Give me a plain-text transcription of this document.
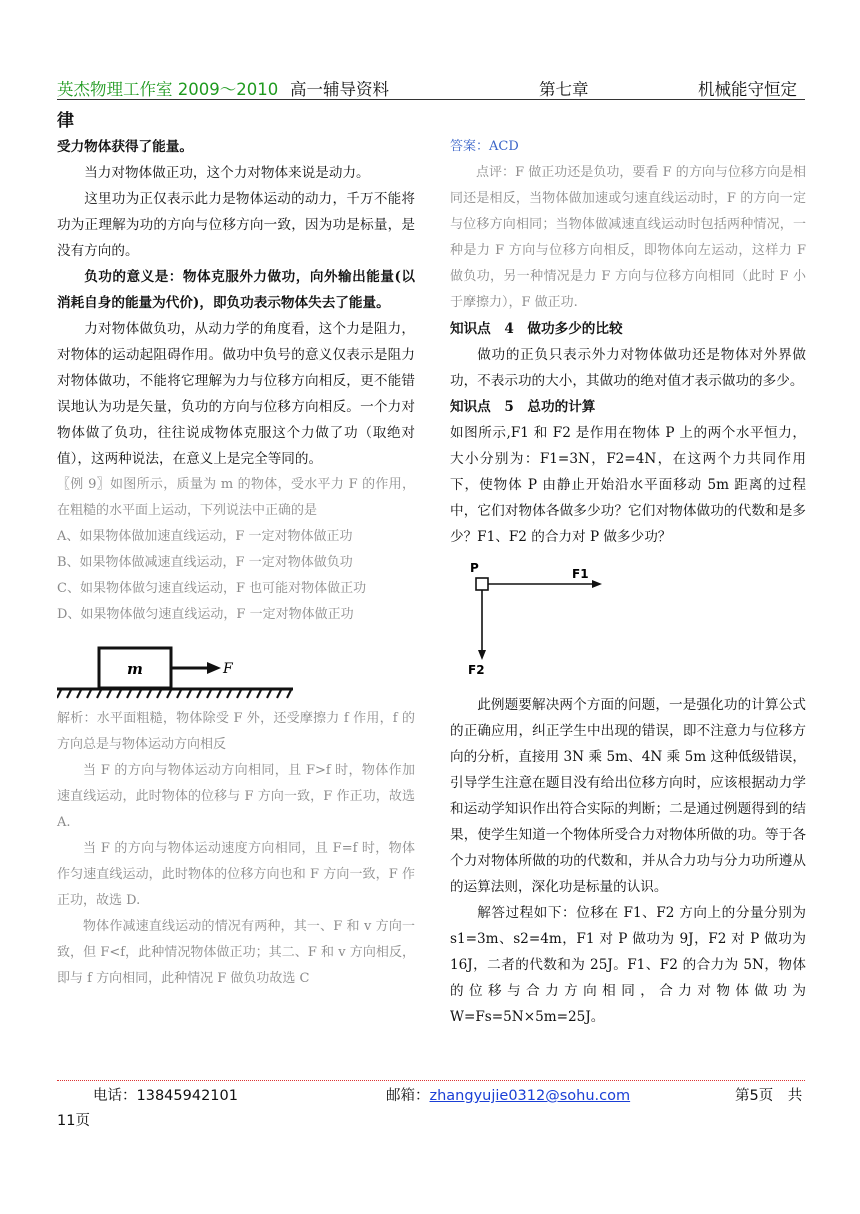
英杰物理工作室 2009～2010 高一辅导资料	第七章	机械能守恒定
律

受力物体获得了能量。

当力对物体做正功，这个力对物体来说是动力。

这里功为正仅表示此力是物体运动的动力，千万不能将功为正理解为功的方向与位移方向一致，因为功是标量，是没有方向的。

负功的意义是：物体克服外力做功，向外输出能量(以消耗自身的能量为代价)，即负功表示物体失去了能量。

力对物体做负功，从动力学的角度看，这个力是阻力，对物体的运动起阻碍作用。做功中负号的意义仅表示是阻力对物体做功，不能将它理解为力与位移方向相反，更不能错误地认为功是矢量，负功的方向与位移方向相反。一个力对物体做了负功，往往说成物体克服这个力做了功（取绝对值），这两种说法，在意义上是完全等同的。

〖例 9〗如图所示，质量为 m 的物体，受水平力 F 的作用，在粗糙的水平面上运动，下列说法中正确的是

A、如果物体做加速直线运动，F 一定对物体做正功

B、如果物体做减速直线运动，F 一定对物体做负功

C、如果物体做匀速直线运动，F 也可能对物体做正功

D、如果物体做匀速直线运动，F 一定对物体做正功

m	F

解析：水平面粗糙，物体除受 F 外，还受摩擦力 f 作用，f 的方向总是与物体运动方向相反

当 F 的方向与物体运动方向相同，且 F>f 时，物体作加速直线运动，此时物体的位移与 F 方向一致，F 作正功，故选 A.

当 F 的方向与物体运动速度方向相同，且 F=f 时，物体作匀速直线运动，此时物体的位移方向也和 F 方向一致，F 作正功，故选 D.

物体作减速直线运动的情况有两种，其一、F 和 v 方向一致，但 F<f，此种情况物体做正功；其二、F 和 v 方向相反，即与 f 方向相同，此种情况 F 做负功故选 C

答案：ACD

点评：F 做正功还是负功，要看 F 的方向与位移方向是相同还是相反，当物体做加速或匀速直线运动时，F 的方向一定与位移方向相同；当物体做减速直线运动时包括两种情况，一种是力 F 方向与位移方向相反，即物体向左运动，这样力 F 做负功，另一种情况是力 F 方向与位移方向相同（此时 F 小于摩擦力），F 做正功.

知识点　4　做功多少的比较

做功的正负只表示外力对物体做功还是物体对外界做功，不表示功的大小，其做功的绝对值才表示做功的多少。

知识点　5　总功的计算

如图所示,F1 和 F2 是作用在物体 P 上的两个水平恒力，大小分别为：F1=3N，F2=4N，在这两个力共同作用下，使物体 P 由静止开始沿水平面移动 5m 距离的过程中，它们对物体各做多少功？它们对物体做功的代数和是多少？F1、F2 的合力对 P 做多少功？

P	F1
F2

此例题要解决两个方面的问题，一是强化功的计算公式的正确应用，纠正学生中出现的错误，即不注意力与位移方向的分析，直接用 3N 乘 5m、4N 乘 5m 这种低级错误，引导学生注意在题目没有给出位移方向时，应该根据动力学和运动学知识作出符合实际的判断；二是通过例题得到的结果，使学生知道一个物体所受合力对物体所做的功。等于各个力对物体所做的功的代数和，并从合力功与分力功所遵从的运算法则，深化功是标量的认识。

解答过程如下：位移在 F1、F2 方向上的分量分别为 s1=3m、s2=4m，F1 对 P 做功为 9J，F2 对 P 做功为 16J，二者的代数和为 25J。F1、F2 的合力为 5N，物体的位移与合力方向相同，合力对物体做功为 W=Fs=5N×5m=25J。

电话：13845942101	邮箱：zhangyujie0312@sohu.com	第5页　共
11页
